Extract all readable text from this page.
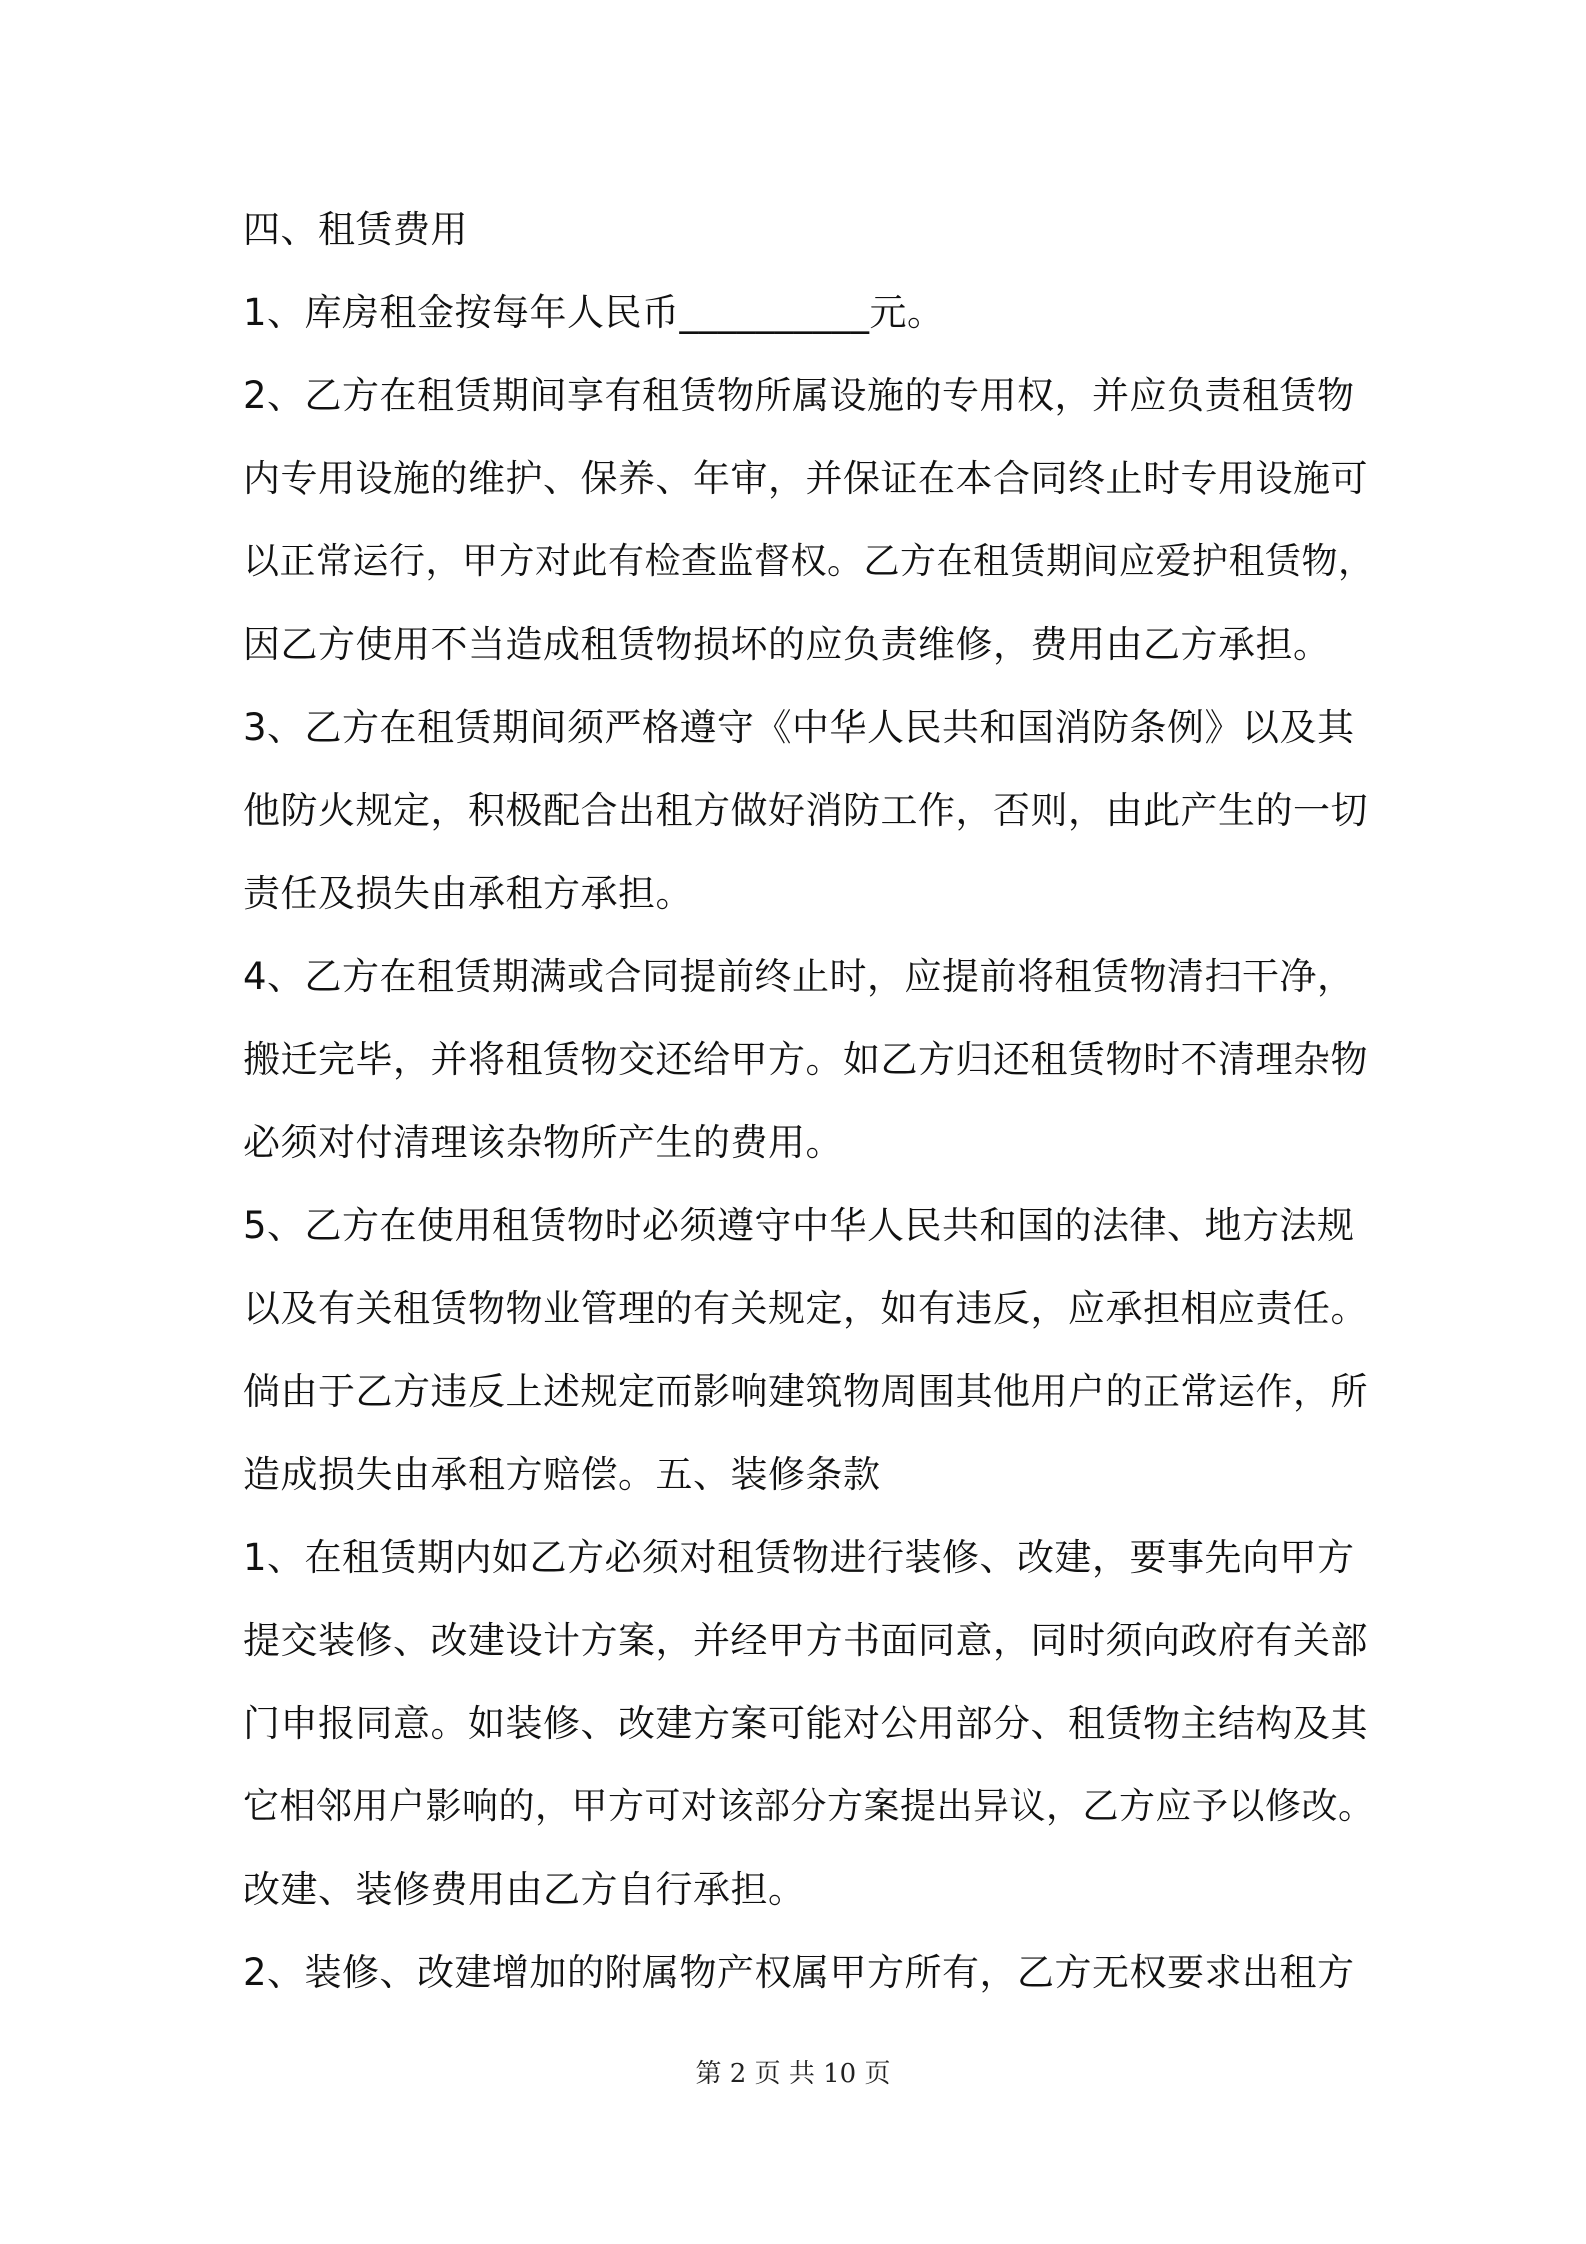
四、租赁费用
1、库房租金按每年人民币__________元。
2、乙方在租赁期间享有租赁物所属设施的专用权，并应负责租赁物
内专用设施的维护、保养、年审，并保证在本合同终止时专用设施可
以正常运行，甲方对此有检查监督权。乙方在租赁期间应爱护租赁物，
因乙方使用不当造成租赁物损坏的应负责维修，费用由乙方承担。
3、乙方在租赁期间须严格遵守《中华人民共和国消防条例》以及其
他防火规定，积极配合出租方做好消防工作，否则，由此产生的一切
责任及损失由承租方承担。
4、乙方在租赁期满或合同提前终止时，应提前将租赁物清扫干净，
搬迁完毕，并将租赁物交还给甲方。如乙方归还租赁物时不清理杂物
必须对付清理该杂物所产生的费用。
5、乙方在使用租赁物时必须遵守中华人民共和国的法律、地方法规
以及有关租赁物物业管理的有关规定，如有违反，应承担相应责任。
倘由于乙方违反上述规定而影响建筑物周围其他用户的正常运作，所
造成损失由承租方赔偿。五、装修条款
1、在租赁期内如乙方必须对租赁物进行装修、改建，要事先向甲方
提交装修、改建设计方案，并经甲方书面同意，同时须向政府有关部
门申报同意。如装修、改建方案可能对公用部分、租赁物主结构及其
它相邻用户影响的，甲方可对该部分方案提出异议，乙方应予以修改。
改建、装修费用由乙方自行承担。
2、装修、改建增加的附属物产权属甲方所有，乙方无权要求出租方
第 2 页 共 10 页
